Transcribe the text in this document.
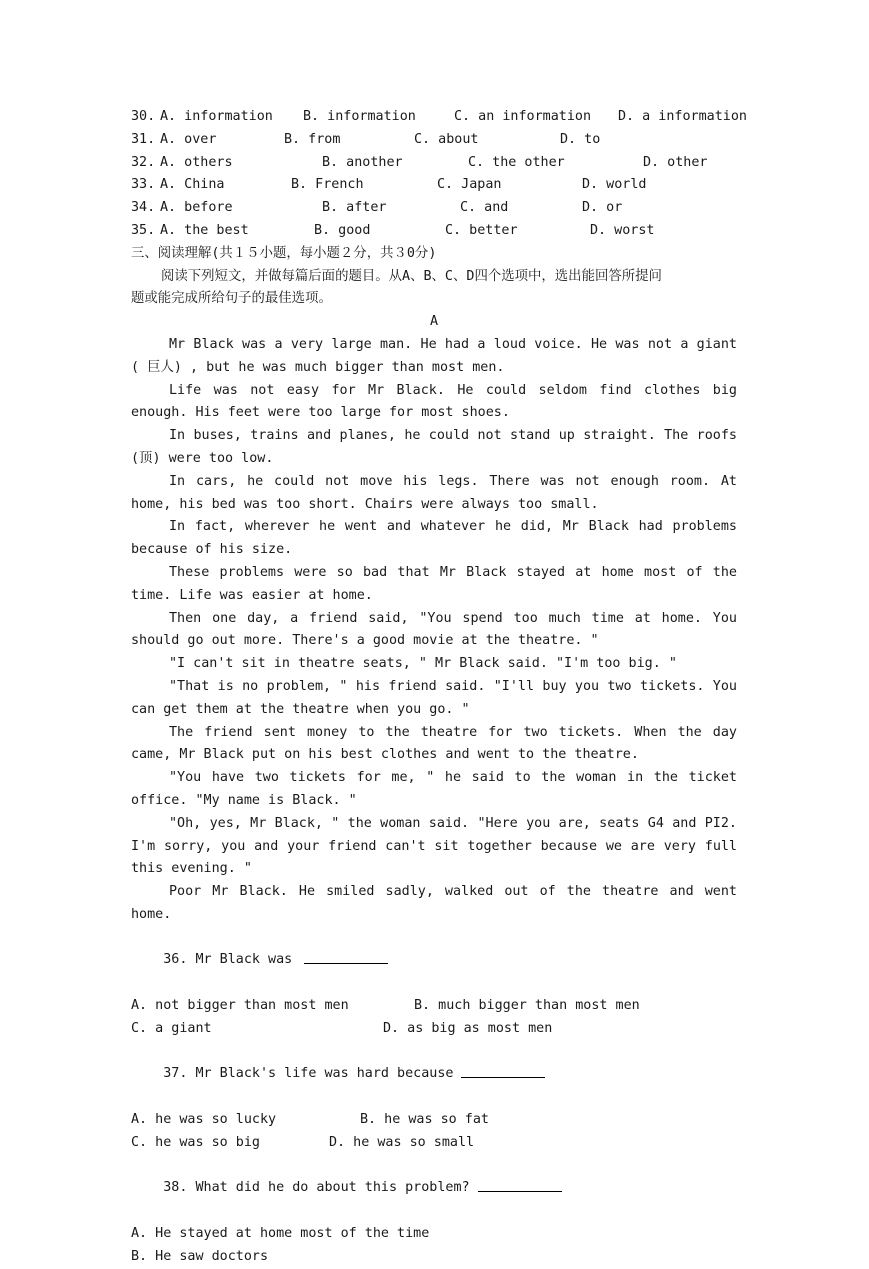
30. A. information B. information	C. an information D. a information
31. A. over	B. from	C. about	D. to
32. A. others	B. another	C. the other	D. other
33. A. China	B. French	C. Japan	D. world
34. A. before	B. after	C. and	D. or
35. A. the best	B. good	C. better	D. worst
三、阅读理解(共１５小题，每小题２分，共３0分)
阅读下列短文，并做每篇后面的题目。从A、B、C、D四个选项中，选出能回答所提问
题或能完成所给句子的最佳选项。
A
Mr Black was a very large man. He had a loud voice. He was not a giant ( 巨人) , but he was much bigger than most men.
Life was not easy for Mr Black. He could seldom find clothes big enough. His feet were too large for most shoes.
In buses, trains and planes, he could not stand up straight. The roofs (顶) were too low.
In cars, he could not move his legs. There was not enough room. At home, his bed was too short. Chairs were always too small.
In fact, wherever he went and whatever he did, Mr Black had problems because of his size.
These problems were so bad that Mr Black stayed at home most of the time. Life was easier at home.
Then one day, a friend said, "You spend too much time at home. You should go out more. There's a good movie at the theatre. "
"I can't sit in theatre seats, " Mr Black said. "I'm too big. "
"That is no problem, " his friend said. "I'll buy you two tickets. You can get them at the theatre when you go. "
The friend sent money to the theatre for two tickets. When the day came, Mr Black put on his best clothes and went to the theatre.
"You have two tickets for me, " he said to the woman in the ticket office. "My name is Black. "
"Oh, yes, Mr Black, " the woman said. "Here you are, seats G4 and PI2. I'm sorry, you and your friend can't sit together because we are very full this evening. "
Poor Mr Black. He smiled sadly, walked out of the theatre and went home.

36. Mr Black was

A. not bigger than most men	B. much bigger than most men
C. a giant	D. as big as most men

37. Mr Black's life was hard because

A. he was so lucky	B. he was so fat
C. he was so big	D. he was so small

38. What did he do about this problem?

A. He stayed at home most of the time
B. He saw doctors
